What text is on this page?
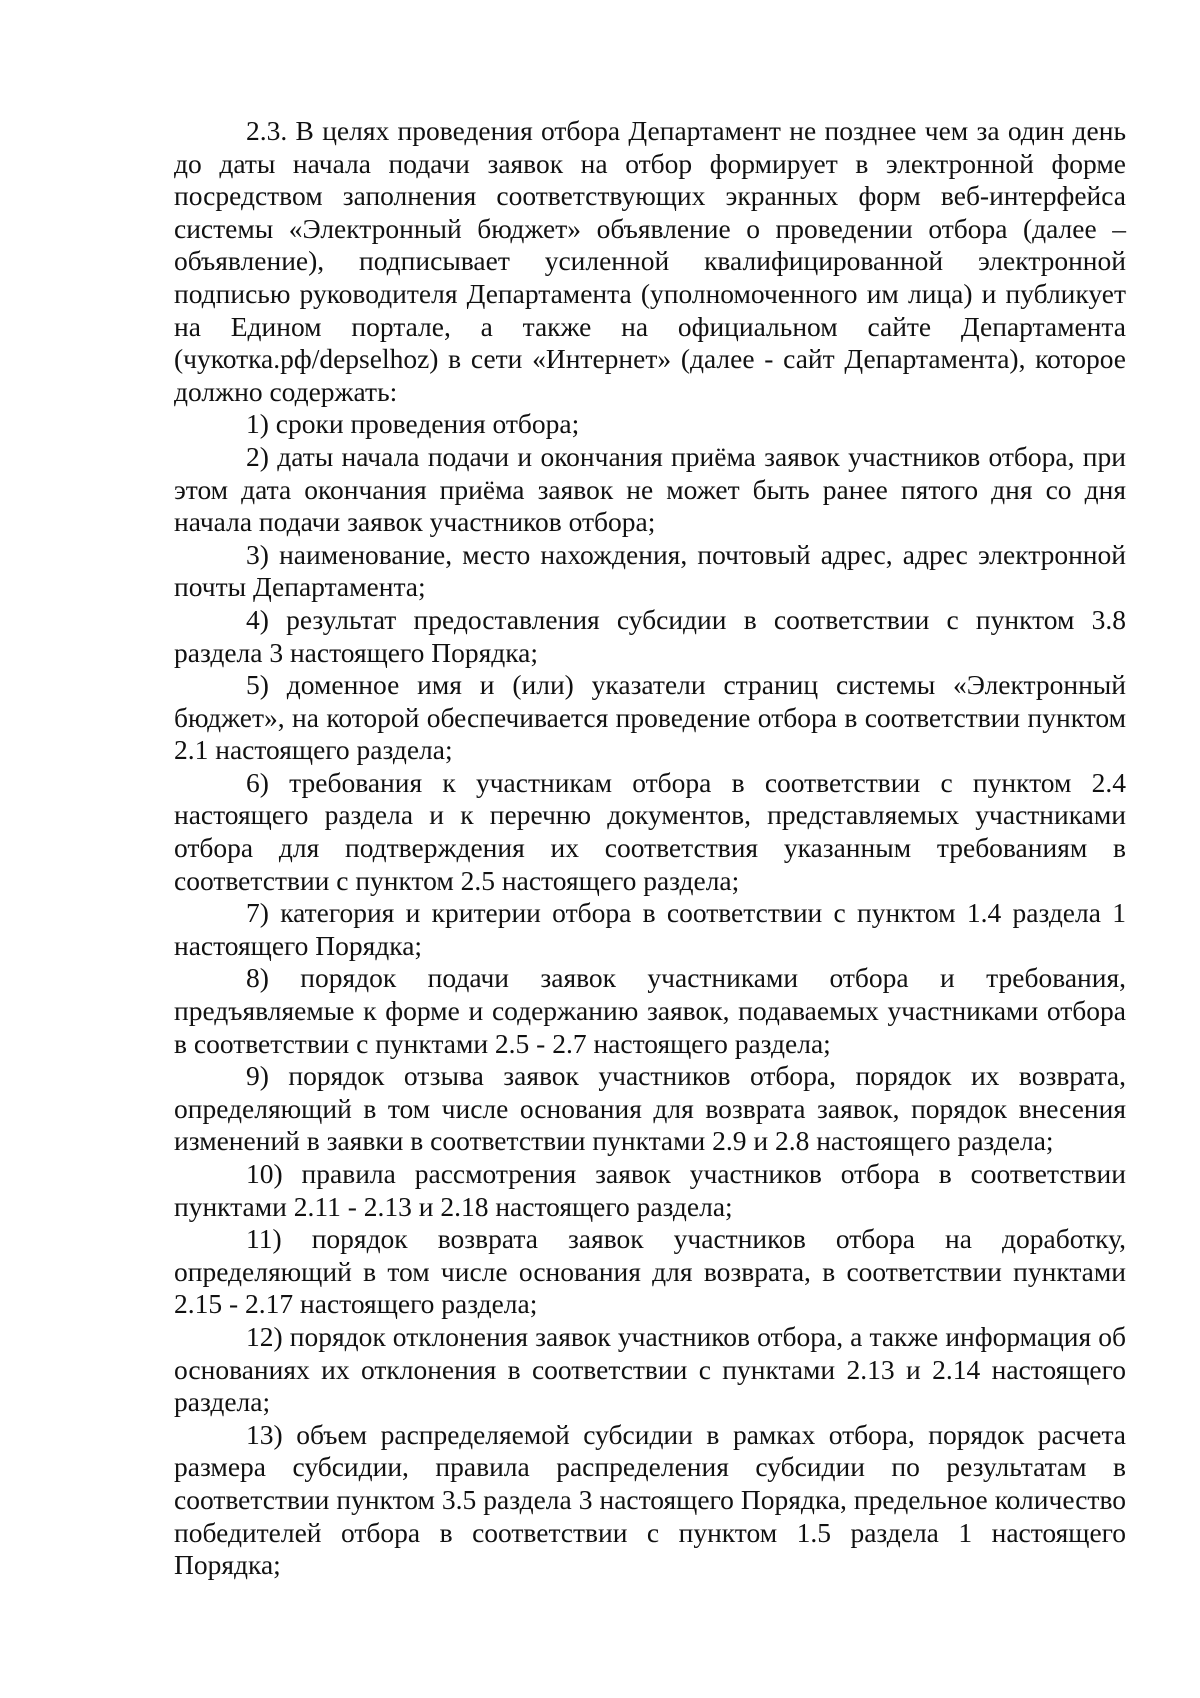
2.3. В целях проведения отбора Департамент не позднее чем за один день до даты начала подачи заявок на отбор формирует в электронной форме посредством заполнения соответствующих экранных форм веб-интерфейса системы «Электронный бюджет» объявление о проведении отбора (далее – объявление), подписывает усиленной квалифицированной электронной подписью руководителя Департамента (уполномоченного им лица) и публикует на Едином портале, а также на официальном сайте Департамента (чукотка.рф/depselhoz) в сети «Интернет» (далее - сайт Департамента), которое должно содержать:

1) сроки проведения отбора;

2) даты начала подачи и окончания приёма заявок участников отбора, при этом дата окончания приёма заявок не может быть ранее пятого дня со дня начала подачи заявок участников отбора;

3) наименование, место нахождения, почтовый адрес, адрес электронной почты Департамента;

4) результат предоставления субсидии в соответствии с пунктом 3.8 раздела 3 настоящего Порядка;

5) доменное имя и (или) указатели страниц системы «Электронный бюджет», на которой обеспечивается проведение отбора в соответствии пунктом 2.1 настоящего раздела;

6) требования к участникам отбора в соответствии с пунктом 2.4 настоящего раздела и к перечню документов, представляемых участниками отбора для подтверждения их соответствия указанным требованиям в соответствии с пунктом 2.5 настоящего раздела;

7) категория и критерии отбора в соответствии с пунктом 1.4 раздела 1 настоящего Порядка;

8) порядок подачи заявок участниками отбора и требования, предъявляемые к форме и содержанию заявок, подаваемых участниками отбора в соответствии с пунктами 2.5 - 2.7 настоящего раздела;

9) порядок отзыва заявок участников отбора, порядок их возврата, определяющий в том числе основания для возврата заявок, порядок внесения изменений в заявки в соответствии пунктами 2.9 и 2.8 настоящего раздела;

10) правила рассмотрения заявок участников отбора в соответствии пунктами 2.11 - 2.13 и 2.18 настоящего раздела;

11) порядок возврата заявок участников отбора на доработку, определяющий в том числе основания для возврата, в соответствии пунктами 2.15 - 2.17 настоящего раздела;

12) порядок отклонения заявок участников отбора, а также информация об основаниях их отклонения в соответствии с пунктами 2.13 и 2.14 настоящего раздела;

13) объем распределяемой субсидии в рамках отбора, порядок расчета размера субсидии, правила распределения субсидии по результатам в соответствии пунктом 3.5 раздела 3 настоящего Порядка, предельное количество победителей отбора в соответствии с пунктом 1.5 раздела 1 настоящего Порядка;
